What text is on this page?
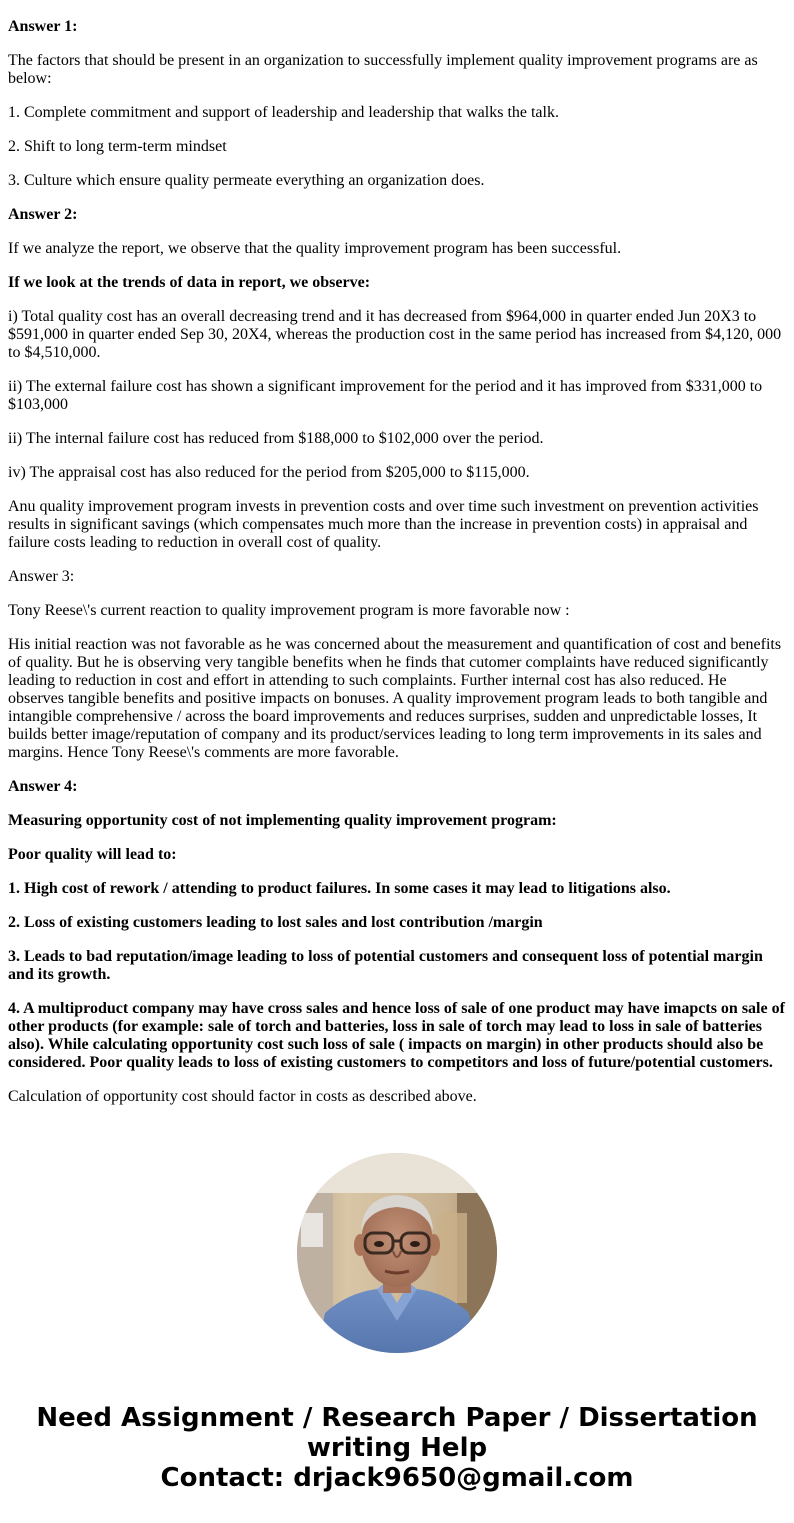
Answer 1:

The factors that should be present in an organization to successfully implement quality improvement programs are as below:

1. Complete commitment and support of leadership and leadership that walks the talk.

2. Shift to long term-term mindset

3. Culture which ensure quality permeate everything an organization does.

Answer 2:

If we analyze the report, we observe that the quality improvement program has been successful.

If we look at the trends of data in report, we observe:

i) Total quality cost has an overall decreasing trend and it has decreased from $964,000 in quarter ended Jun 20X3 to $591,000 in quarter ended Sep 30, 20X4, whereas the production cost in the same period has increased from $4,120, 000 to $4,510,000.

ii) The external failure cost has shown a significant improvement for the period and it has improved from $331,000 to $103,000

ii) The internal failure cost has reduced from $188,000 to $102,000 over the period.

iv) The appraisal cost has also reduced for the period from $205,000 to $115,000.

Anu quality improvement program invests in prevention costs and over time such investment on prevention activities results in significant savings (which compensates much more than the increase in prevention costs) in appraisal and failure costs leading to reduction in overall cost of quality.

Answer 3:

Tony Reese\'s current reaction to quality improvement program is more favorable now :

His initial reaction was not favorable as he was concerned about the measurement and quantification of cost and benefits of quality. But he is observing very tangible benefits when he finds that cutomer complaints have reduced significantly leading to reduction in cost and effort in attending to such complaints. Further internal cost has also reduced. He observes tangible benefits and positive impacts on bonuses. A quality improvement program leads to both tangible and intangible comprehensive / across the board improvements and reduces surprises, sudden and unpredictable losses, It builds better image/reputation of company and its product/services leading to long term improvements in its sales and margins. Hence Tony Reese\'s comments are more favorable.

Answer 4:

Measuring opportunity cost of not implementing quality improvement program:

Poor quality will lead to:

1. High cost of rework / attending to product failures. In some cases it may lead to litigations also.

2. Loss of existing customers leading to lost sales and lost contribution /margin

3. Leads to bad reputation/image leading to loss of potential customers and consequent loss of potential margin and its growth.

4. A multiproduct company may have cross sales and hence loss of sale of one product may have imapcts on sale of other products (for example: sale of torch and batteries, loss in sale of torch may lead to loss in sale of batteries also). While calculating opportunity cost such loss of sale ( impacts on margin) in other products should also be considered. Poor quality leads to loss of existing customers to competitors and loss of future/potential customers.

Calculation of opportunity cost should factor in costs as described above.

Need Assignment / Research Paper / Dissertation
writing Help
Contact: drjack9650@gmail.com
